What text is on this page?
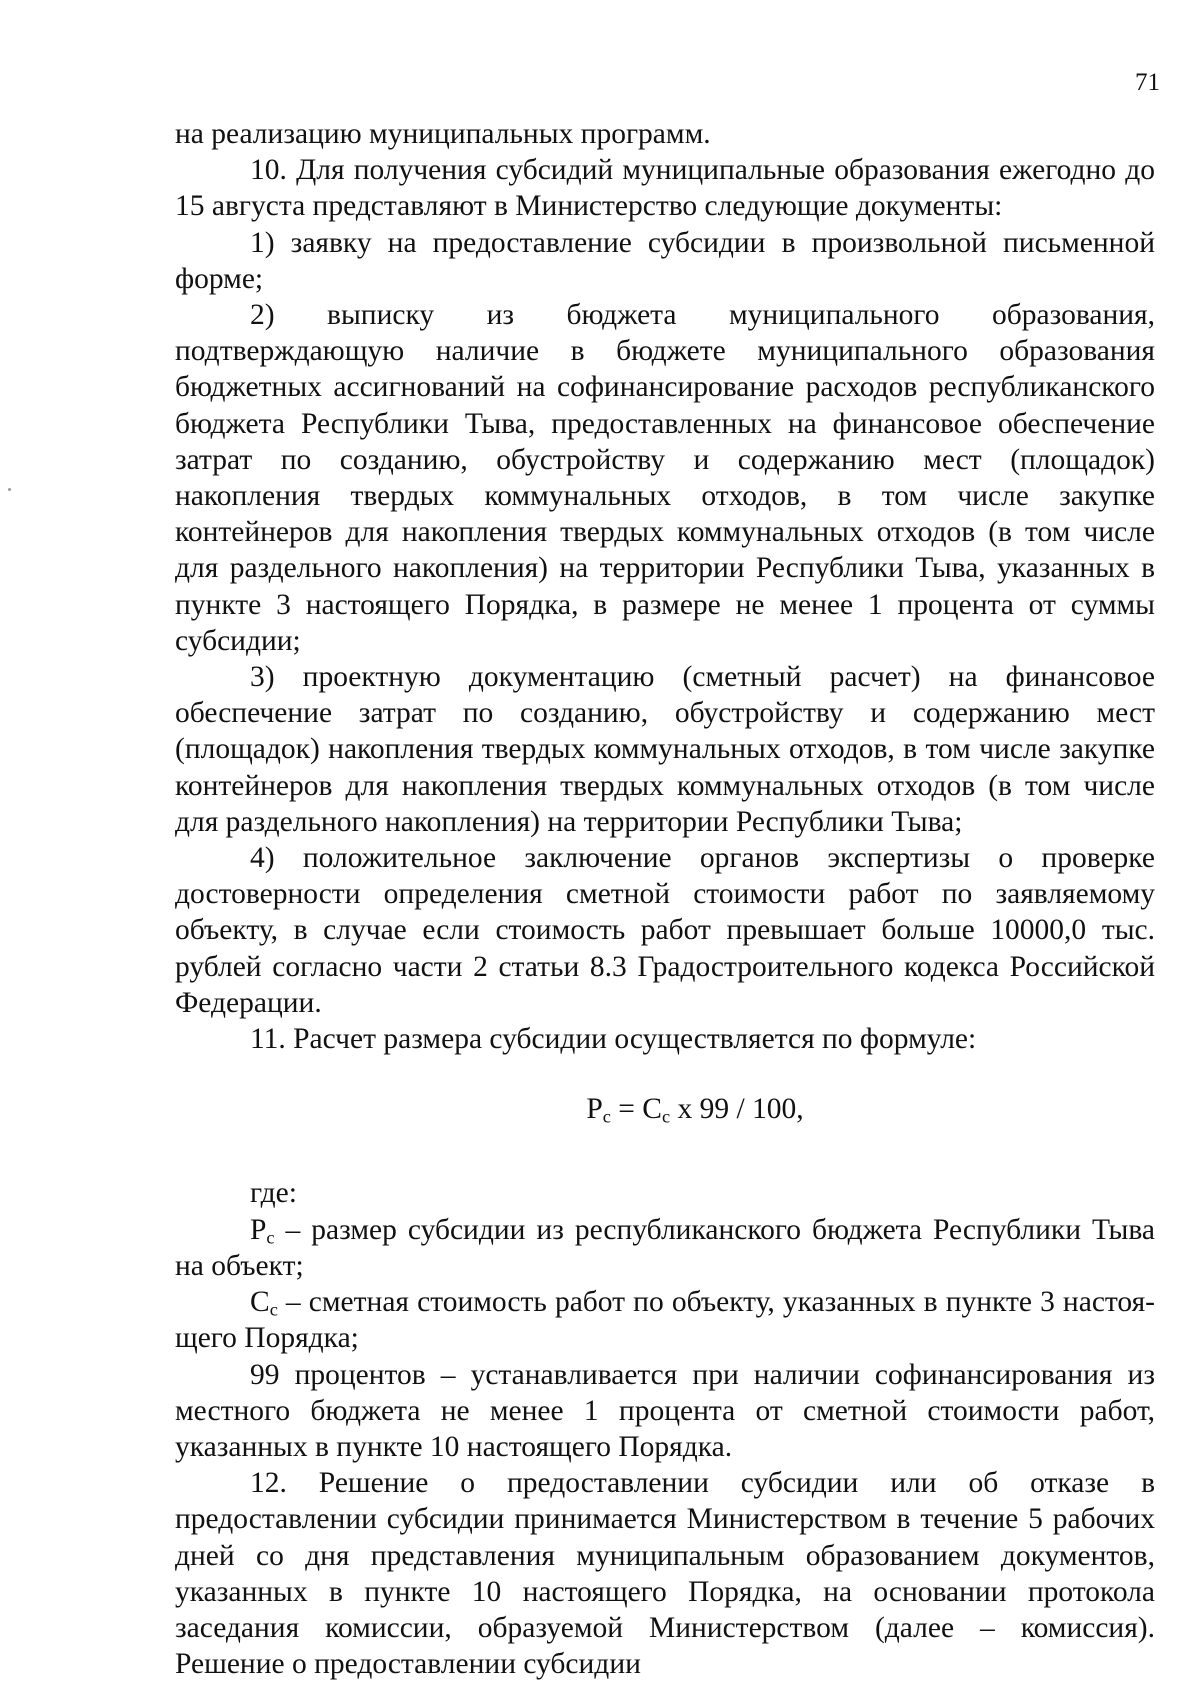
71

на реализацию муниципальных программ.

10. Для получения субсидий муниципальные образования ежегодно до 15 августа представляют в Министерство следующие документы:

1) заявку на предоставление субсидии в произвольной письменной форме;

2) выписку из бюджета муниципального образования, подтверждающую наличие в бюджете муниципального образования бюджетных ассигнований на софинансирование расходов республиканского бюджета Республики Тыва, предоставленных на финансовое обеспечение затрат по созданию, обустройству и содержанию мест (площадок) накопления твердых коммунальных отходов, в том числе закупке контейнеров для накопления твердых коммунальных отходов (в том числе для раздельного накопления) на территории Республики Тыва, указанных в пункте 3 настоящего Порядка, в размере не менее 1 процента от суммы субсидии;

3) проектную документацию (сметный расчет) на финансовое обеспечение затрат по созданию, обустройству и содержанию мест (площадок) накопления твердых коммунальных отходов, в том числе закупке контейнеров для накопления твердых коммунальных отходов (в том числе для раздельного накопления) на территории Республики Тыва;

4) положительное заключение органов экспертизы о проверке достоверности определения сметной стоимости работ по заявляемому объекту, в случае если стоимость работ превышает больше 10000,0 тыс. рублей согласно части 2 статьи 8.3 Градостроительного кодекса Российской Федерации.

11. Расчет размера субсидии осуществляется по формуле:

$P_c = C_c$ x 99 / 100,

где:

$P_c$ – размер субсидии из республиканского бюджета Республики Тыва на объект;

$C_c$ – сметная стоимость работ по объекту, указанных в пункте 3 настоящего Порядка;

99 процентов – устанавливается при наличии софинансирования из местного бюджета не менее 1 процента от сметной стоимости работ, указанных в пункте 10 настоящего Порядка.

12. Решение о предоставлении субсидии или об отказе в предоставлении субсидии принимается Министерством в течение 5 рабочих дней со дня представления муниципальным образованием документов, указанных в пункте 10 настоящего Порядка, на основании протокола заседания комиссии, образуемой Министерством (далее – комиссия). Решение о предоставлении субсидии
